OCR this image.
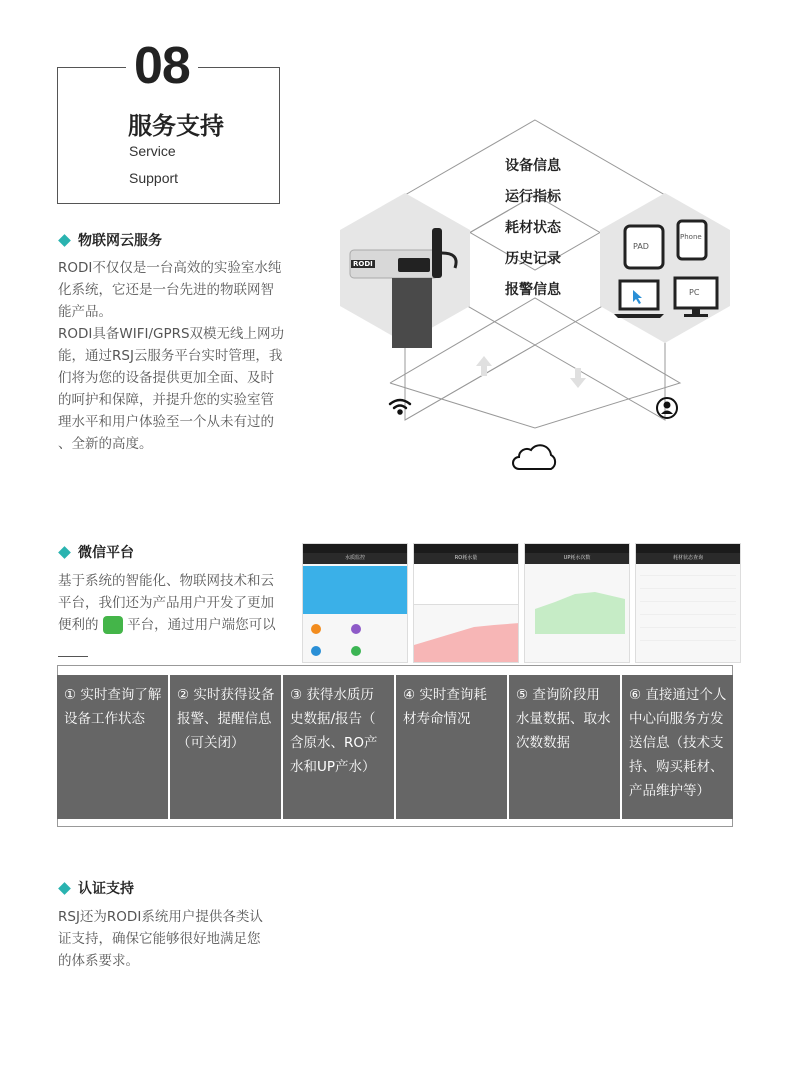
08
服务支持
Service
Support
物联网云服务
RODI不仅仅是一台高效的实验室水纯
化系统，它还是一台先进的物联网智
能产品。
RODI具备WIFI/GPRS双模无线上网功
能，通过RSJ云服务平台实时管理，我
们将为您的设备提供更加全面、及时
的呵护和保障，并提升您的实验室管
理水平和用户体验至一个从未有过的
、全新的高度。
RODI
PAD
Phone
PC
设备信息
运行指标
耗材状态
历史记录
报警信息
微信平台
基于系统的智能化、物联网技术和云
平台，我们还为产品用户开发了更加
便利的 平台，通过用户端您可以
水质监控	RO耗水量	UP耗水次数	耗材状态查询
① 实时查询了解
设备工作状态
② 实时获得设备
报警、提醒信息
（可关闭）
③ 获得水质历
史数据/报告（
含原水、RO产
水和UP产水）
④ 实时查询耗
材寿命情况
⑤ 查询阶段用
水量数据、取水
次数数据
⑥ 直接通过个人
中心向服务方发
送信息（技术支
持、购买耗材、
产品维护等）
认证支持
RSJ还为RODI系统用户提供各类认
证支持，确保它能够很好地满足您
的体系要求。
